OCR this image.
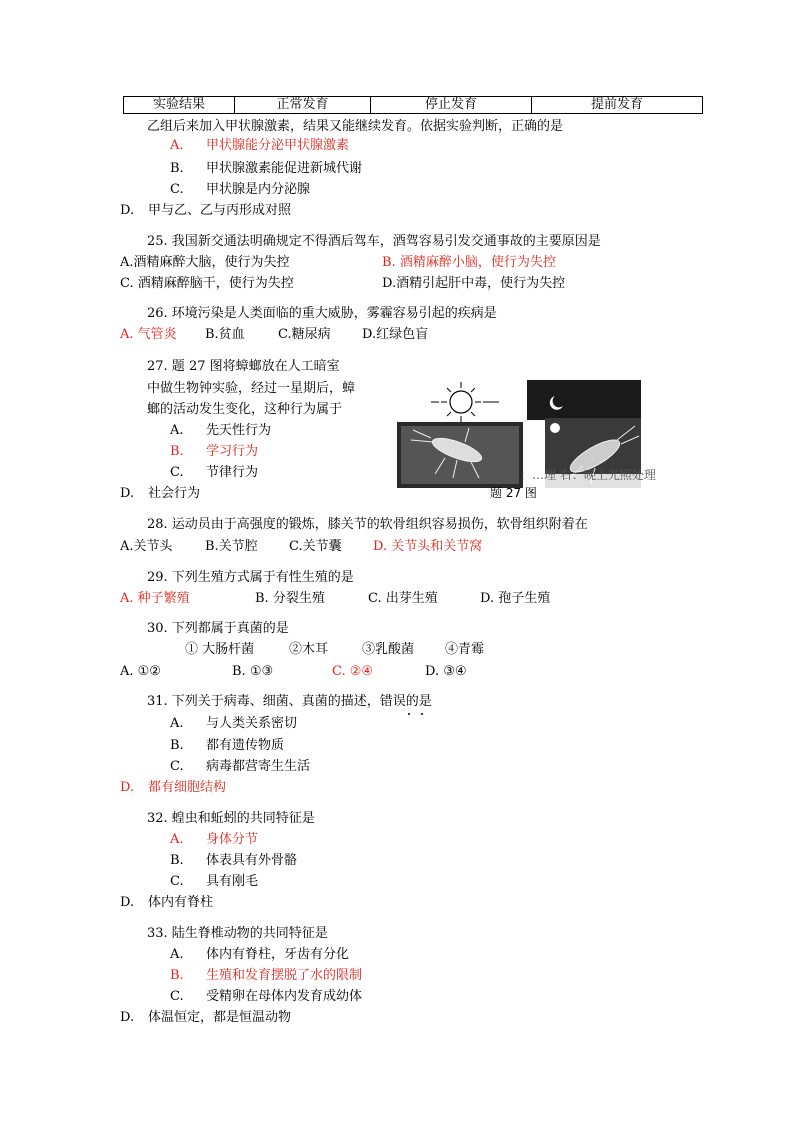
实验结果	正常发育	停止发育	提前发育
乙组后来加入甲状腺激素，结果又能继续发育。依据实验判断，正确的是
A. 甲状腺能分泌甲状腺激素
B. 甲状腺激素能促进新城代谢
C. 甲状腺是内分泌腺
D. 甲与乙、乙与丙形成对照
25. 我国新交通法明确规定不得酒后驾车，酒驾容易引发交通事故的主要原因是
A.酒精麻醉大脑，使行为失控	B. 酒精麻醉小脑，使行为失控
C. 酒精麻醉脑干，使行为失控	D.酒精引起肝中毒，使行为失控
26. 环境污染是人类面临的重大威胁，雾霾容易引起的疾病是
A. 气管炎 B.贫血	C.糖尿病 D.红绿色盲
27. 题 27 图将蟑螂放在人工暗室
中做生物钟实验，经过一星期后，蟑
螂的活动发生变化，这种行为属于
A. 先天性行为
B. 学习行为
C. 节律行为
D. 社会行为
左：…理 右：晚上光照处理
题 27 图
28. 运动员由于高强度的锻炼，膝关节的软骨组织容易损伤，软骨组织附着在
A.关节头 B.关节腔 C.关节囊 D. 关节头和关节窝
29. 下列生殖方式属于有性生殖的是
A. 种子繁殖	B. 分裂生殖	C. 出芽生殖	D. 孢子生殖
30. 下列都属于真菌的是
① 大肠杆菌	②木耳	③乳酸菌 ④青霉
A. ①②	B. ①③	C. ②④	D. ③④
31. 下列关于病毒、细菌、真菌的描述，错误的是
A. 与人类关系密切
B. 都有遗传物质
C. 病毒都营寄生生活
D. 都有细胞结构
32. 蝗虫和蚯蚓的共同特征是
A. 身体分节
B. 体表具有外骨骼
C. 具有刚毛
D. 体内有脊柱
33. 陆生脊椎动物的共同特征是
A. 体内有脊柱，牙齿有分化
B. 生殖和发育摆脱了水的限制
C. 受精卵在母体内发育成幼体
D. 体温恒定，都是恒温动物
